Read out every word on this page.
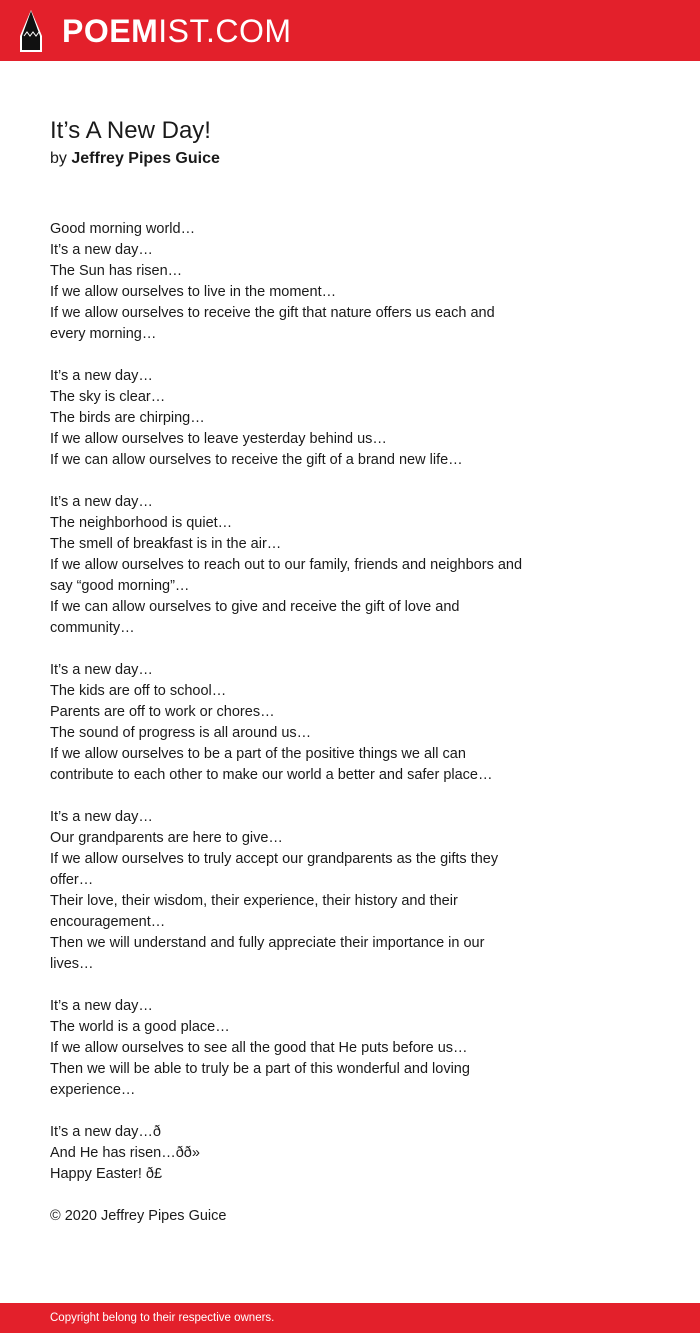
POEMIST.COM
It’s A New Day!
by Jeffrey Pipes Guice
Good morning world…
It’s a new day…
The Sun has risen…
If we allow ourselves to live in the moment…
If we allow ourselves to receive the gift that nature offers us each and
every morning…
It’s a new day…
The sky is clear…
The birds are chirping…
If we allow ourselves to leave yesterday behind us…
If we can allow ourselves to receive the gift of a brand new life…
It’s a new day…
The neighborhood is quiet…
The smell of breakfast is in the air…
If we allow ourselves to reach out to our family, friends and neighbors and
say “good morning”…
If we can allow ourselves to give and receive the gift of love and
community…
It’s a new day…
The kids are off to school…
Parents are off to work or chores…
The sound of progress is all around us…
If we allow ourselves to be a part of the positive things we all can
contribute to each other to make our world a better and safer place…
It’s a new day…
Our grandparents are here to give…
If we allow ourselves to truly accept our grandparents as the gifts they
offer…
Their love, their wisdom, their experience, their history and their
encouragement…
Then we will understand and fully appreciate their importance in our
lives…
It’s a new day…
The world is a good place…
If we allow ourselves to see all the good that He puts before us…
Then we will be able to truly be a part of this wonderful and loving
experience…
It’s a new day…ð
And He has risen…ðð»
Happy Easter! ð£
© 2020 Jeffrey Pipes Guice
Copyright belong to their respective owners.
